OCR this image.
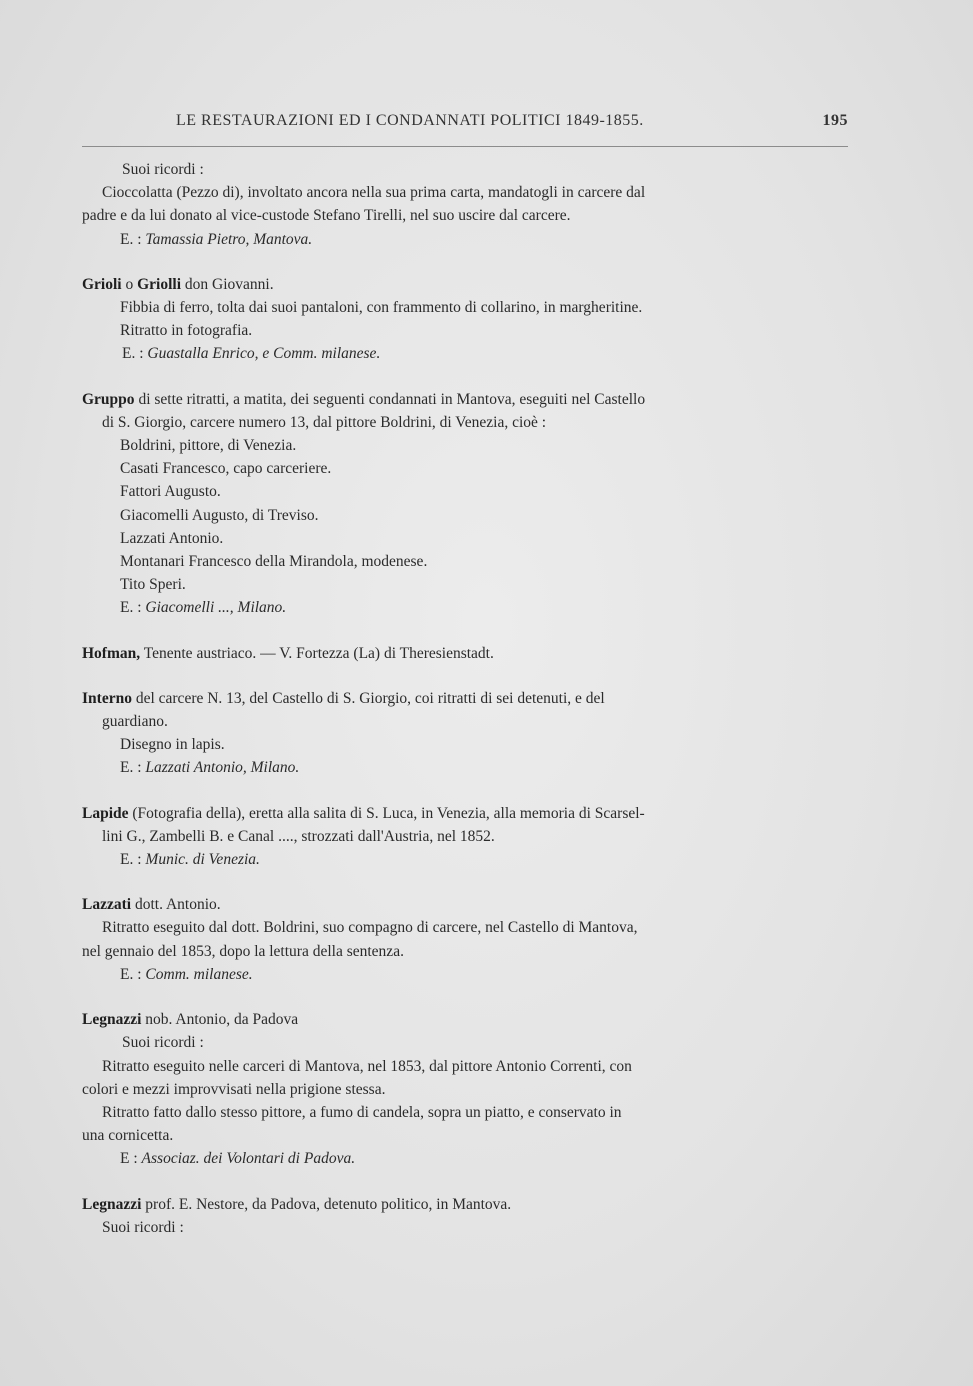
LE RESTAURAZIONI ED I CONDANNATI POLITICI 1849-1855.	195
Suoi ricordi :
Cioccolatta (Pezzo di), involtato ancora nella sua prima carta, mandatogli in carcere dal
padre e da lui donato al vice-custode Stefano Tirelli, nel suo uscire dal carcere.
E. : Tamassia Pietro, Mantova.
Grioli o Griolli don Giovanni.
Fibbia di ferro, tolta dai suoi pantaloni, con frammento di collarino, in margheritine.
Ritratto in fotografia.
E. : Guastalla Enrico, e Comm. milanese.
Gruppo di sette ritratti, a matita, dei seguenti condannati in Mantova, eseguiti nel Castello
di S. Giorgio, carcere numero 13, dal pittore Boldrini, di Venezia, cioè :
Boldrini, pittore, di Venezia.
Casati Francesco, capo carceriere.
Fattori Augusto.
Giacomelli Augusto, di Treviso.
Lazzati Antonio.
Montanari Francesco della Mirandola, modenese.
Tito Speri.
E. : Giacomelli ..., Milano.
Hofman, Tenente austriaco. — V. Fortezza (La) di Theresienstadt.
Interno del carcere N. 13, del Castello di S. Giorgio, coi ritratti di sei detenuti, e del
guardiano.
Disegno in lapis.
E. : Lazzati Antonio, Milano.
Lapide (Fotografia della), eretta alla salita di S. Luca, in Venezia, alla memoria di Scarsel-
lini G., Zambelli B. e Canal ...., strozzati dall'Austria, nel 1852.
E. : Munic. di Venezia.
Lazzati dott. Antonio.
Ritratto eseguito dal dott. Boldrini, suo compagno di carcere, nel Castello di Mantova,
nel gennaio del 1853, dopo la lettura della sentenza.
E. : Comm. milanese.
Legnazzi nob. Antonio, da Padova
Suoi ricordi :
Ritratto eseguito nelle carceri di Mantova, nel 1853, dal pittore Antonio Correnti, con
colori e mezzi improvvisati nella prigione stessa.
Ritratto fatto dallo stesso pittore, a fumo di candela, sopra un piatto, e conservato in
una cornicetta.
E : Associaz. dei Volontari di Padova.
Legnazzi prof. E. Nestore, da Padova, detenuto politico, in Mantova.
Suoi ricordi :
